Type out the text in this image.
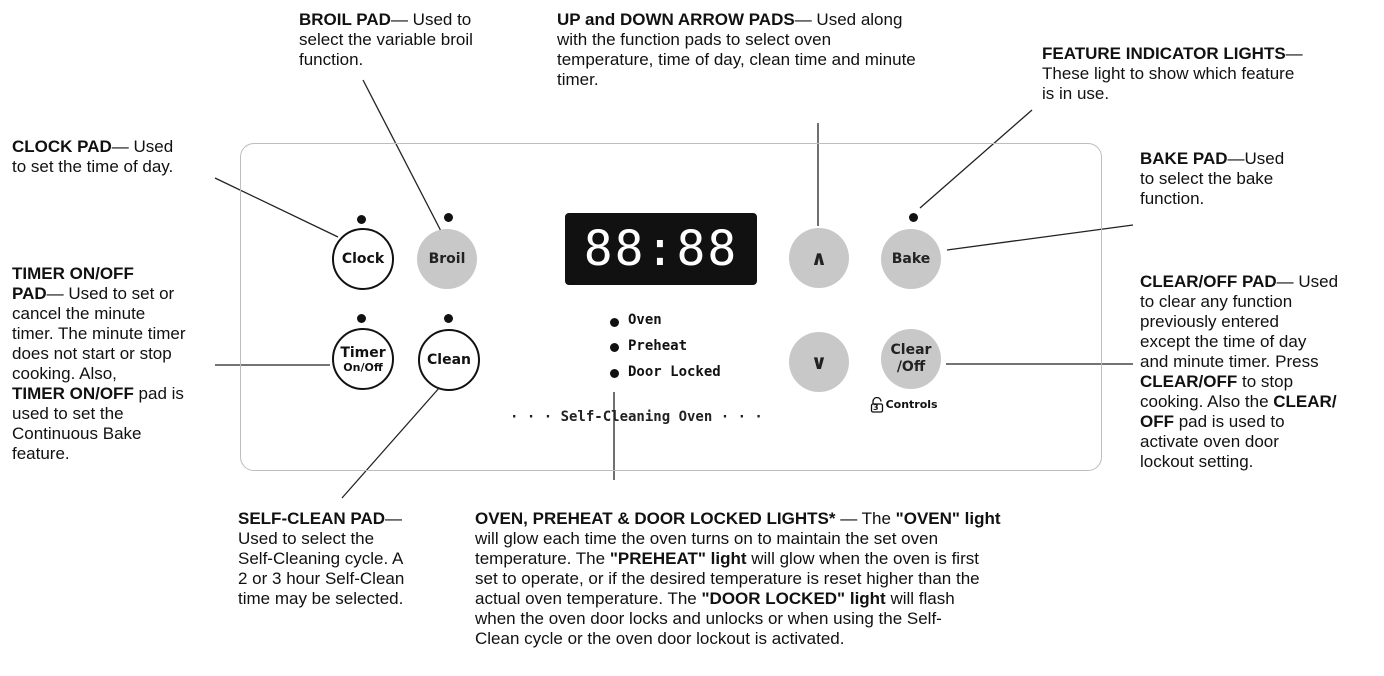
Clock	Broil
Timer
On/Off	Clean
88:88
Oven
Preheat
Door Locked
· · · Self-Cleaning Oven · · ·
∧
∨
Bake
Clear
/Off
3 Controls
BROIL PAD— Used to
select the variable broil
function.
UP and DOWN ARROW PADS— Used along
with the function pads to select oven
temperature, time of day, clean time and minute
timer.
FEATURE INDICATOR LIGHTS—
These light to show which feature
is in use.
CLOCK PAD— Used
to set the time of day.	BAKE PAD—Used
to select the bake
function.
TIMER ON/OFF
PAD— Used to set or
cancel the minute
timer. The minute timer
does not start or stop
cooking. Also,
TIMER ON/OFF pad is
used to set the
Continuous Bake
feature.
CLEAR/OFF PAD— Used
to clear any function
previously entered
except the time of day
and minute timer. Press
CLEAR/OFF to stop
cooking. Also the CLEAR/
OFF pad is used to
activate oven door
lockout setting.
SELF-CLEAN PAD—
Used to select the
Self-Cleaning cycle. A
2 or 3 hour Self-Clean
time may be selected.
OVEN, PREHEAT & DOOR LOCKED LIGHTS* — The "OVEN" light
will glow each time the oven turns on to maintain the set oven
temperature. The "PREHEAT" light will glow when the oven is first
set to operate, or if the desired temperature is reset higher than the
actual oven temperature. The "DOOR LOCKED" light will flash
when the oven door locks and unlocks or when using the Self-
Clean cycle or the oven door lockout is activated.
